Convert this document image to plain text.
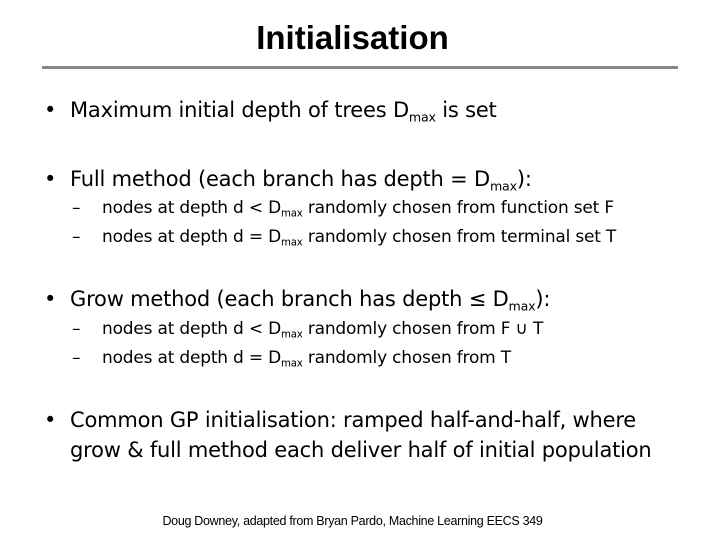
Initialisation
• Maximum initial depth of trees $D_{max}$ is set
• Full method (each branch has depth = $D_{max}$):
– nodes at depth $d < D_{max}$ randomly chosen from function set F
– nodes at depth $d = D_{max}$ randomly chosen from terminal set T
• Grow method (each branch has depth ≤ $D_{max}$):
– nodes at depth $d < D_{max}$ randomly chosen from F ∪ T
– nodes at depth $d = D_{max}$ randomly chosen from T
• Common GP initialisation: ramped half-and-half, where
grow & full method each deliver half of initial population
Doug Downey, adapted from Bryan Pardo, Machine Learning EECS 349
